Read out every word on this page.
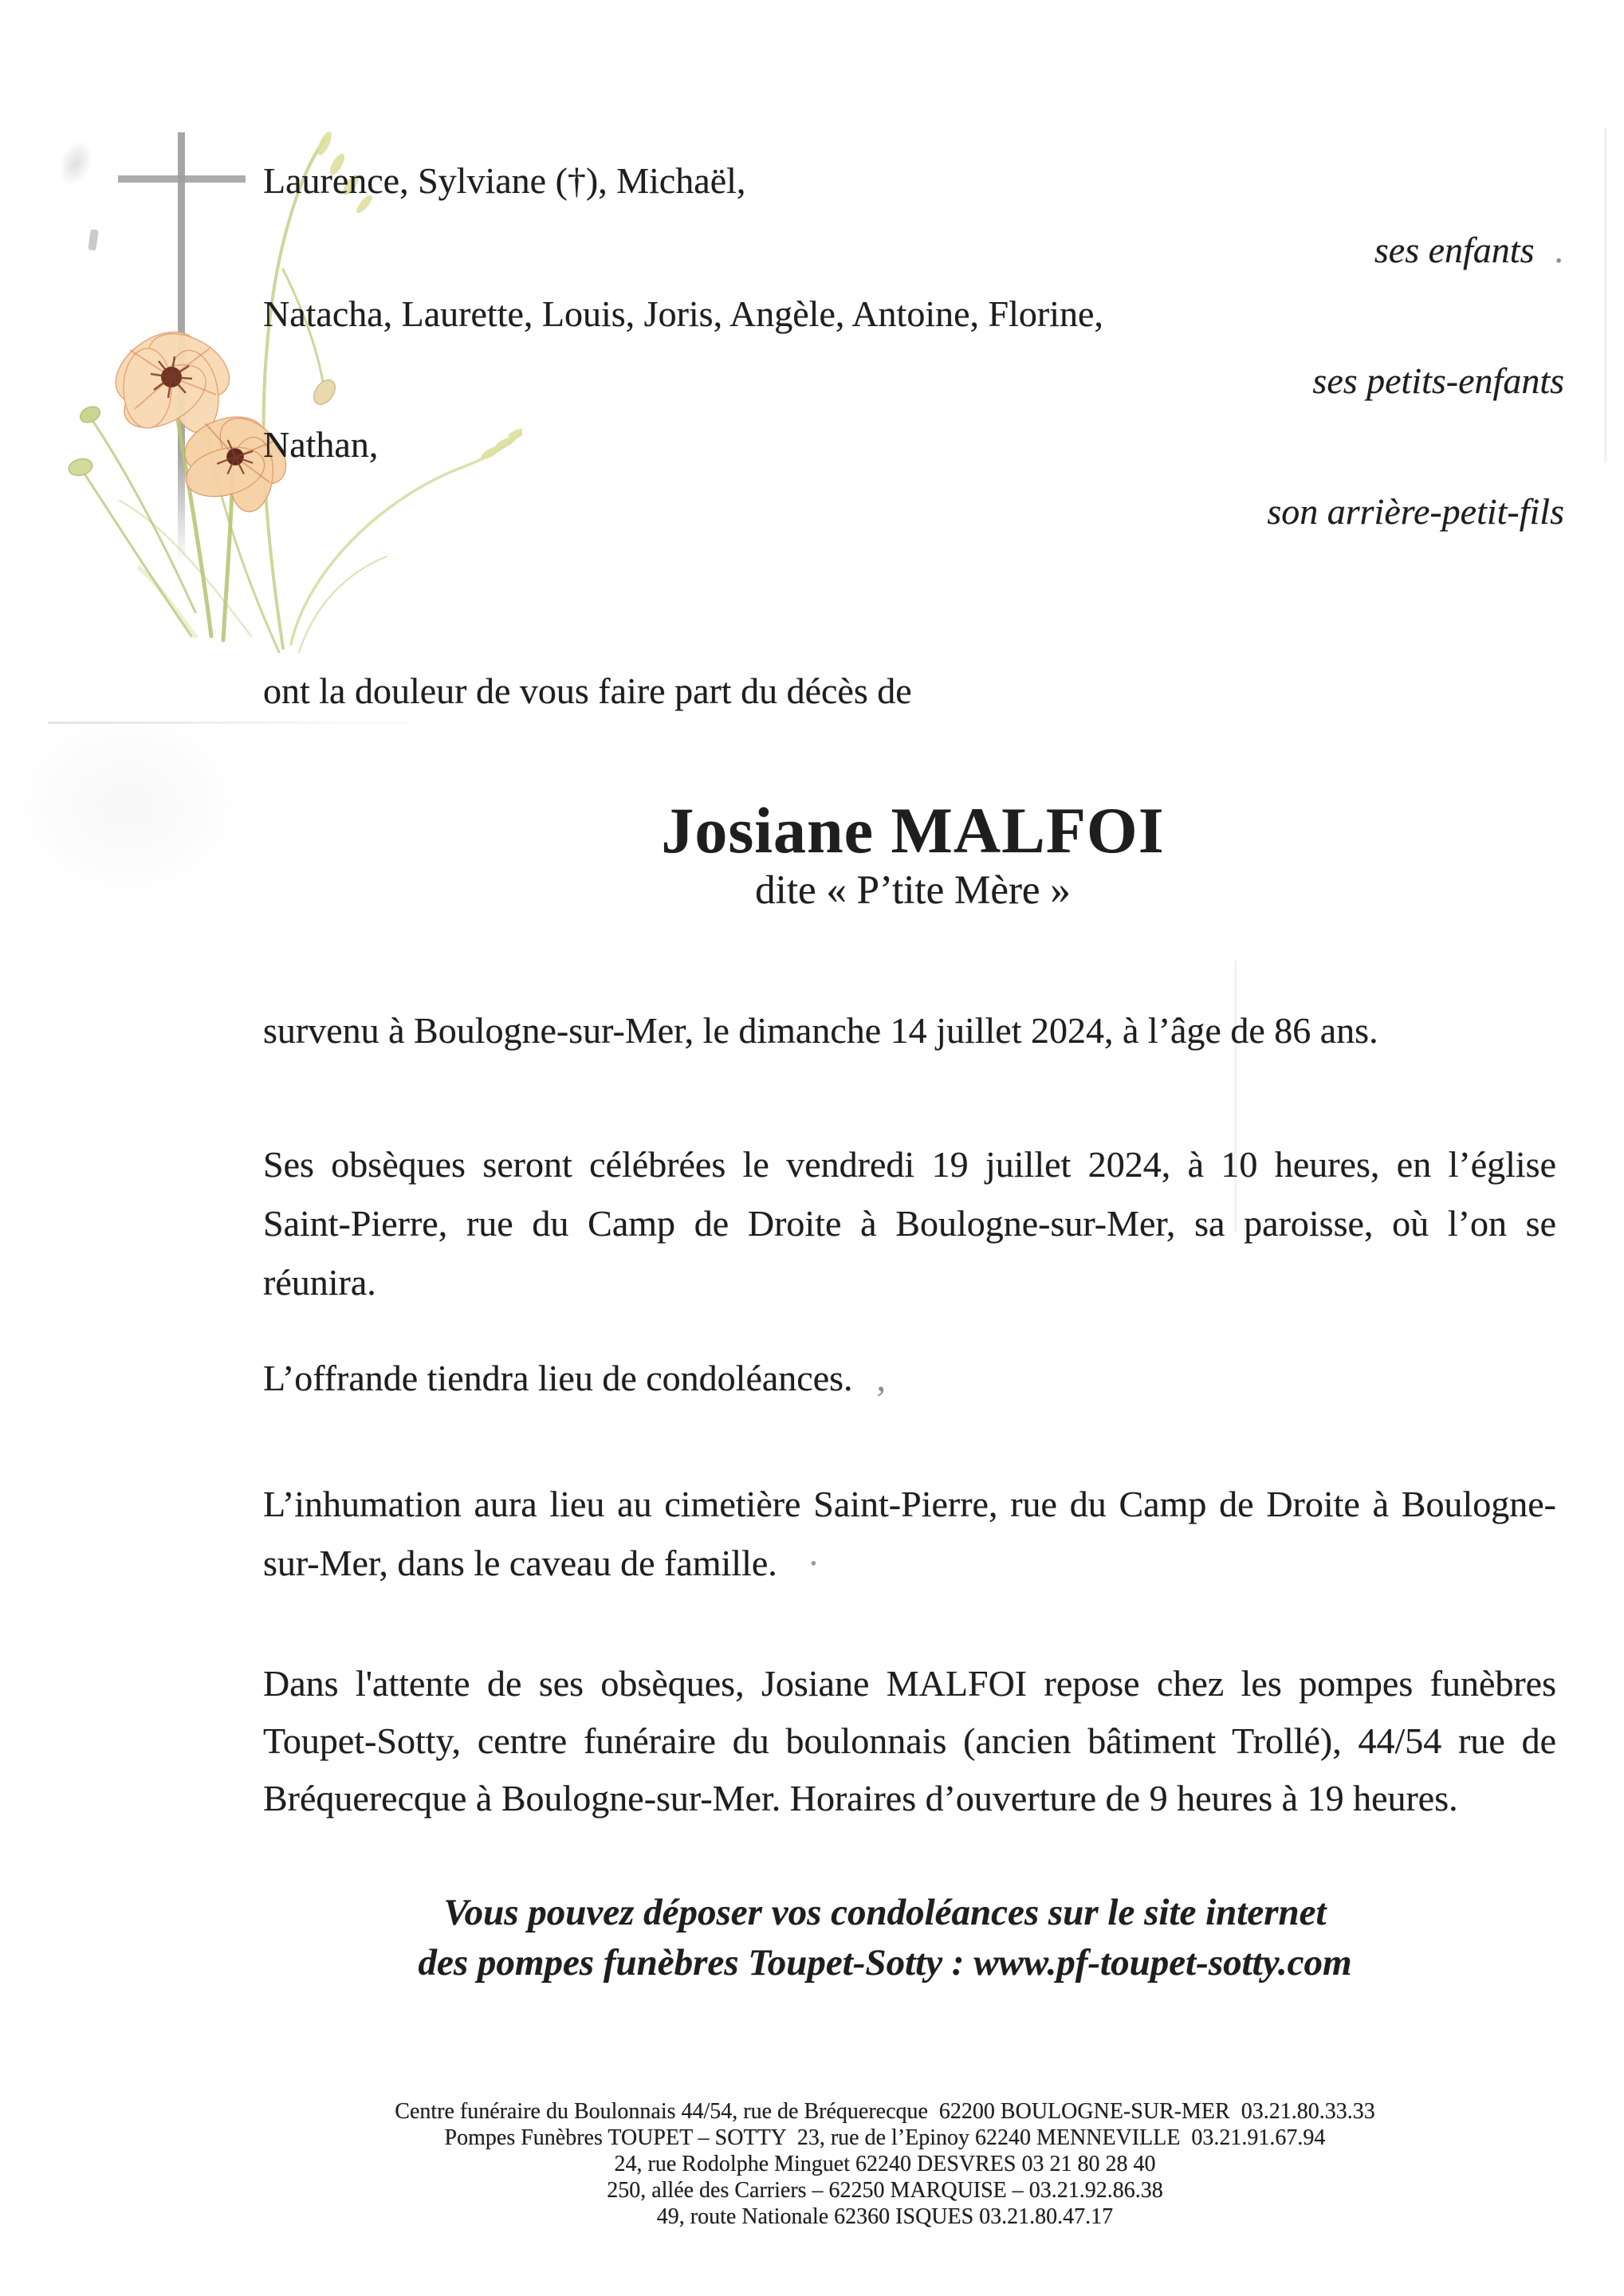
Laurence, Sylviane (†), Michaël,
ses enfants .
Natacha, Laurette, Louis, Joris, Angèle, Antoine, Florine,
ses petits-enfants
Nathan,
son arrière-petit-fils
ont la douleur de vous faire part du décès de
Josiane MALFOI
dite « P’tite Mère »
survenu à Boulogne-sur-Mer, le dimanche 14 juillet 2024, à l’âge de 86 ans.
Ses obsèques seront célébrées le vendredi 19 juillet 2024, à 10 heures, en l’église
Saint-Pierre, rue du Camp de Droite à Boulogne-sur-Mer, sa paroisse, où l’on se
réunira.
L’offrande tiendra lieu de condoléances. ,
L’inhumation aura lieu au cimetière Saint-Pierre, rue du Camp de Droite à Boulogne-
sur-Mer, dans le caveau de famille. ·
Dans l'attente de ses obsèques, Josiane MALFOI repose chez les pompes funèbres
Toupet-Sotty, centre funéraire du boulonnais (ancien bâtiment Trollé), 44/54 rue de
Bréquerecque à Boulogne-sur-Mer. Horaires d’ouverture de 9 heures à 19 heures.
Vous pouvez déposer vos condoléances sur le site internet
des pompes funèbres Toupet-Sotty : www.pf-toupet-sotty.com
Centre funéraire du Boulonnais 44/54, rue de Bréquerecque  62200 BOULOGNE-SUR-MER  03.21.80.33.33
Pompes Funèbres TOUPET – SOTTY  23, rue de l’Epinoy 62240 MENNEVILLE  03.21.91.67.94
24, rue Rodolphe Minguet 62240 DESVRES 03 21 80 28 40
250, allée des Carriers – 62250 MARQUISE – 03.21.92.86.38
49, route Nationale 62360 ISQUES 03.21.80.47.17
